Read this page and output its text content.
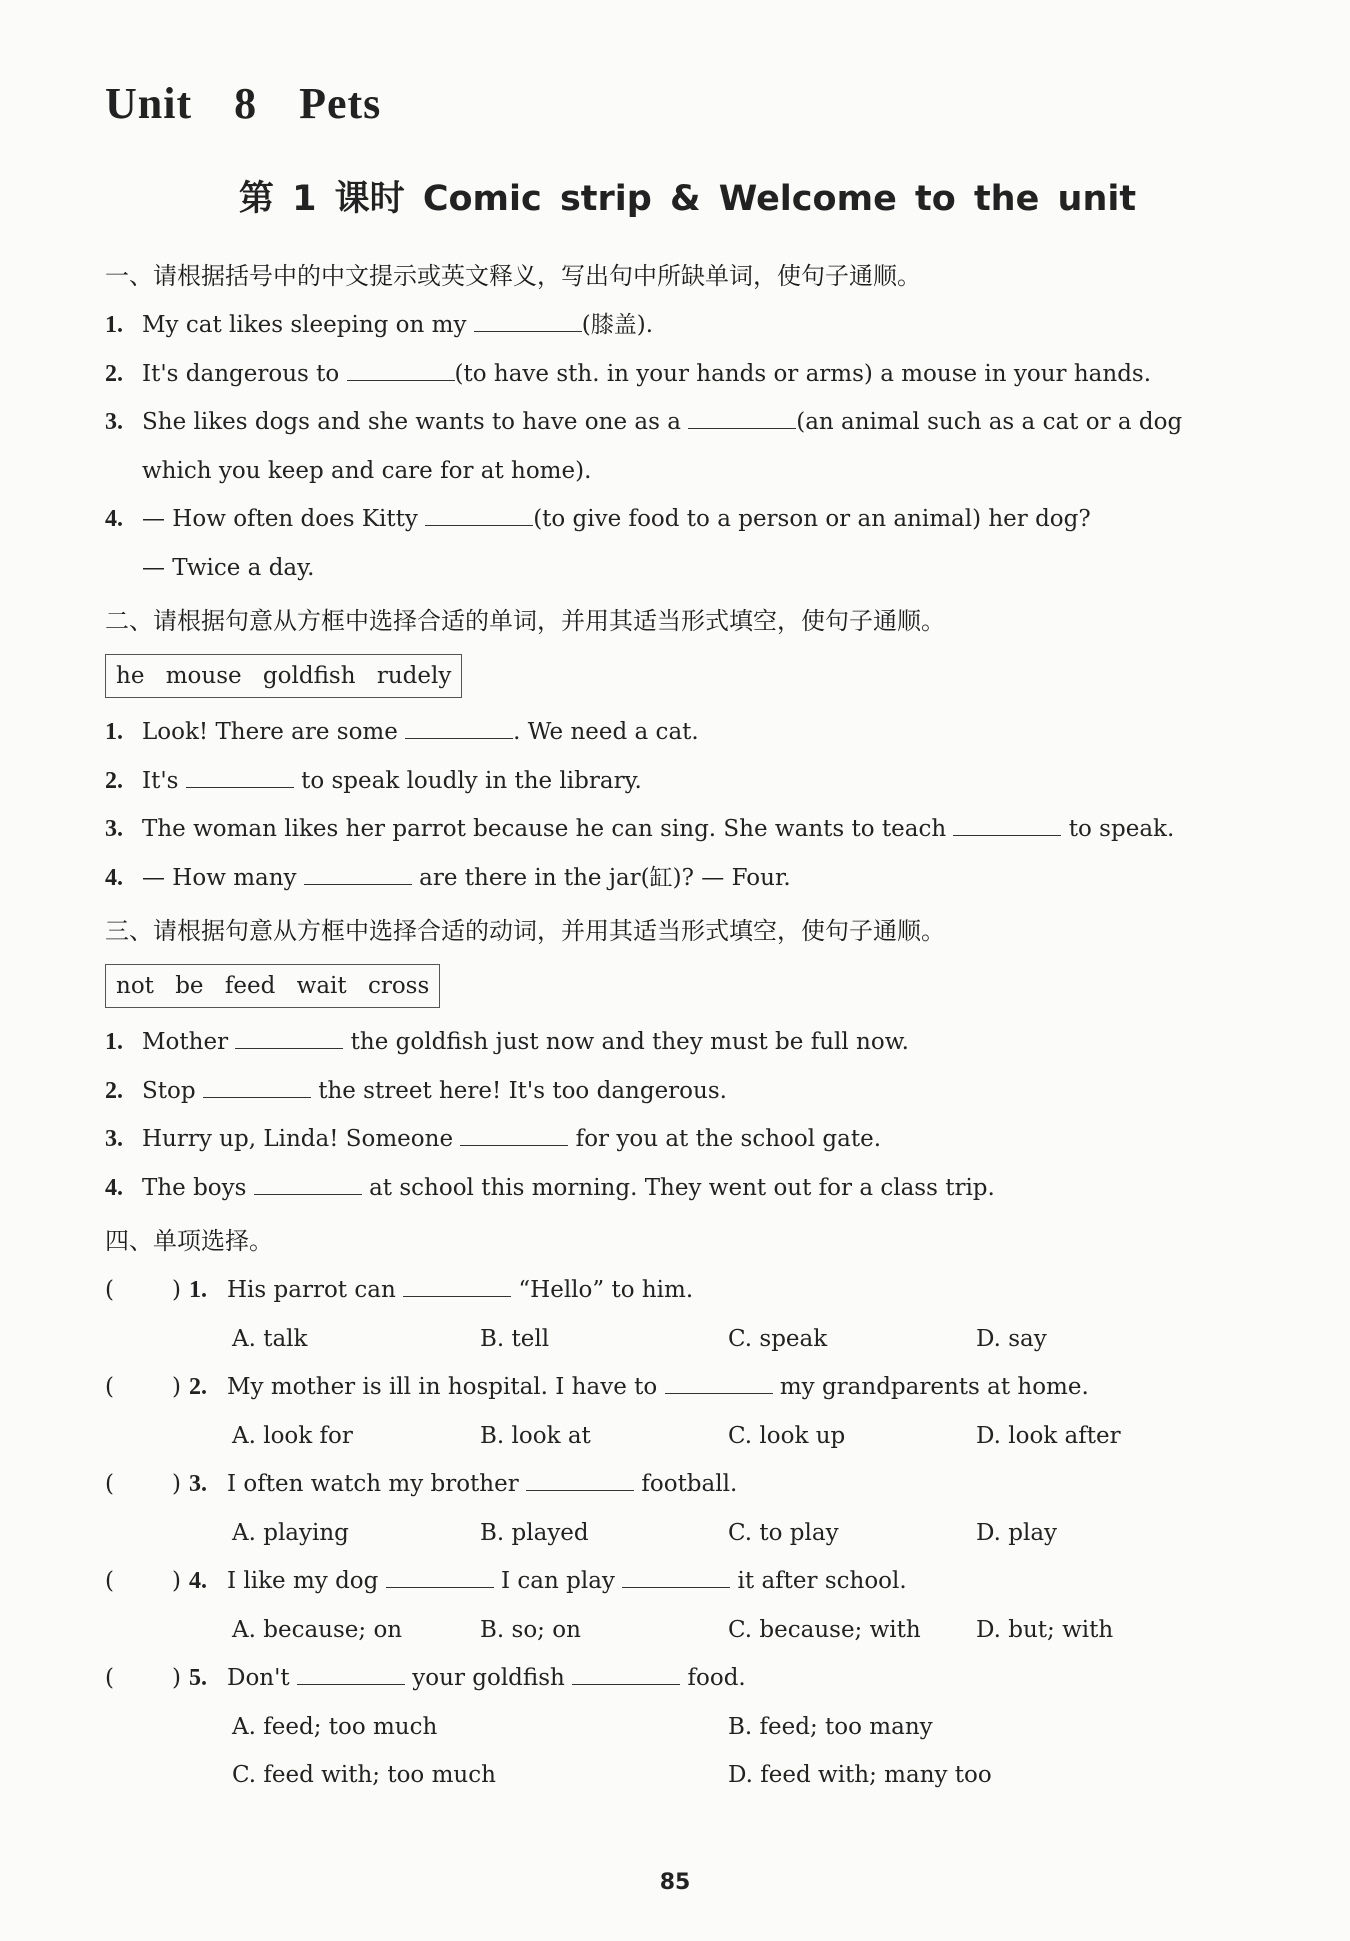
Unit 8 Pets
第 1 课时 Comic strip & Welcome to the unit
一、请根据括号中的中文提示或英文释义，写出句中所缺单词，使句子通顺。
1. My cat likes sleeping on my	(膝盖).
2. It's dangerous to	(to have sth. in your hands or arms) a mouse in your hands.
3. She likes dogs and she wants to have one as a	(an animal such as a cat or a dog
which you keep and care for at home).
4. — How often does Kitty	(to give food to a person or an animal) her dog?
— Twice a day.
二、请根据句意从方框中选择合适的单词，并用其适当形式填空，使句子通顺。
he mouse goldfish rudely
1. Look! There are some	. We need a cat.
2. It's	to speak loudly in the library.
3. The woman likes her parrot because he can sing. She wants to teach	to speak.
4. — How many	are there in the jar(缸)? — Four.
三、请根据句意从方框中选择合适的动词，并用其适当形式填空，使句子通顺。
not be feed wait cross
1. Mother	the goldfish just now and they must be full now.
2. Stop	the street here! It's too dangerous.
3. Hurry up, Linda! Someone	for you at the school gate.
4. The boys	at school this morning. They went out for a class trip.
四、单项选择。
(	) 1. His parrot can	“Hello” to him.
A. talk	B. tell	C. speak	D. say
(	) 2. My mother is ill in hospital. I have to	my grandparents at home.
A. look for	B. look at	C. look up	D. look after
(	) 3. I often watch my brother	football.
A. playing	B. played	C. to play	D. play
(	) 4. I like my dog	I can play	it after school.
A. because; on	B. so; on	C. because; with	D. but; with
(	) 5. Don't	your goldfish	food.
A. feed; too much	B. feed; too many
C. feed with; too much	D. feed with; many too
85
